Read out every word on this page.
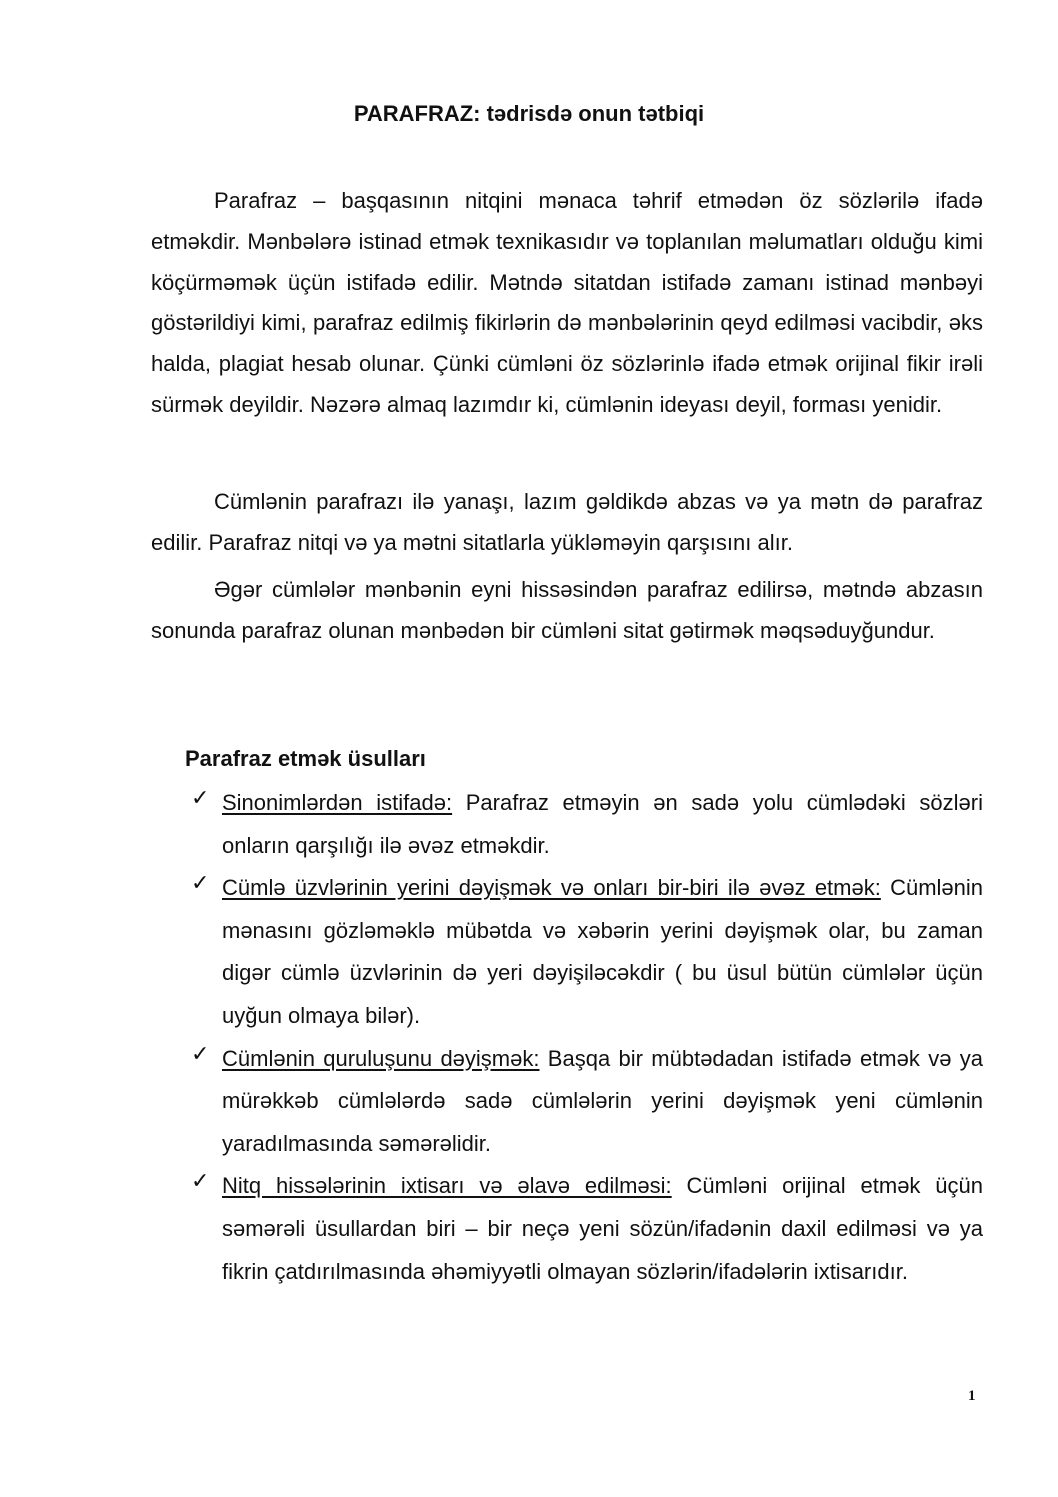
PARAFRAZ: tədrisdə onun tətbiqi

Parafraz – başqasının nitqini mənaca təhrif etmədən öz sözlərilə ifadə etməkdir. Mənbələrə istinad etmək texnikasıdır və toplanılan məlumatları olduğu kimi köçürməmək üçün istifadə edilir. Mətndə sitatdan istifadə zamanı istinad mənbəyi göstərildiyi kimi, parafraz edilmiş fikirlərin də mənbələrinin qeyd edilməsi vacibdir, əks halda, plagiat hesab olunar. Çünki cümləni öz sözlərinlə ifadə etmək orijinal fikir irəli sürmək deyildir. Nəzərə almaq lazımdır ki, cümlənin ideyası deyil, forması yenidir.

Cümlənin parafrazı ilə yanaşı, lazım gəldikdə abzas və ya mətn də parafraz edilir. Parafraz nitqi və ya mətni sitatlarla yükləməyin qarşısını alır.

Əgər cümlələr mənbənin eyni hissəsindən parafraz edilirsə, mətndə abzasın sonunda parafraz olunan mənbədən bir cümləni sitat gətirmək məqsəduyğundur.

Parafraz etmək üsulları
✓ Sinonimlərdən istifadə: Parafraz etməyin ən sadə yolu cümlədəki sözləri onların qarşılığı ilə əvəz etməkdir.
✓ Cümlə üzvlərinin yerini dəyişmək və onları bir-biri ilə əvəz etmək: Cümlənin mənasını gözləməklə mübətda və xəbərin yerini dəyişmək olar, bu zaman digər cümlə üzvlərinin də yeri dəyişiləcəkdir ( bu üsul bütün cümlələr üçün uyğun olmaya bilər).
✓ Cümlənin quruluşunu dəyişmək: Başqa bir mübtədadan istifadə etmək və ya mürəkkəb cümlələrdə sadə cümlələrin yerini dəyişmək yeni cümlənin yaradılmasında səmərəlidir.
✓ Nitq hissələrinin ixtisarı və əlavə edilməsi: Cümləni orijinal etmək üçün səmərəli üsullardan biri – bir neçə yeni sözün/ifadənin daxil edilməsi və ya fikrin çatdırılmasında əhəmiyyətli olmayan sözlərin/ifadələrin ixtisarıdır.
1
